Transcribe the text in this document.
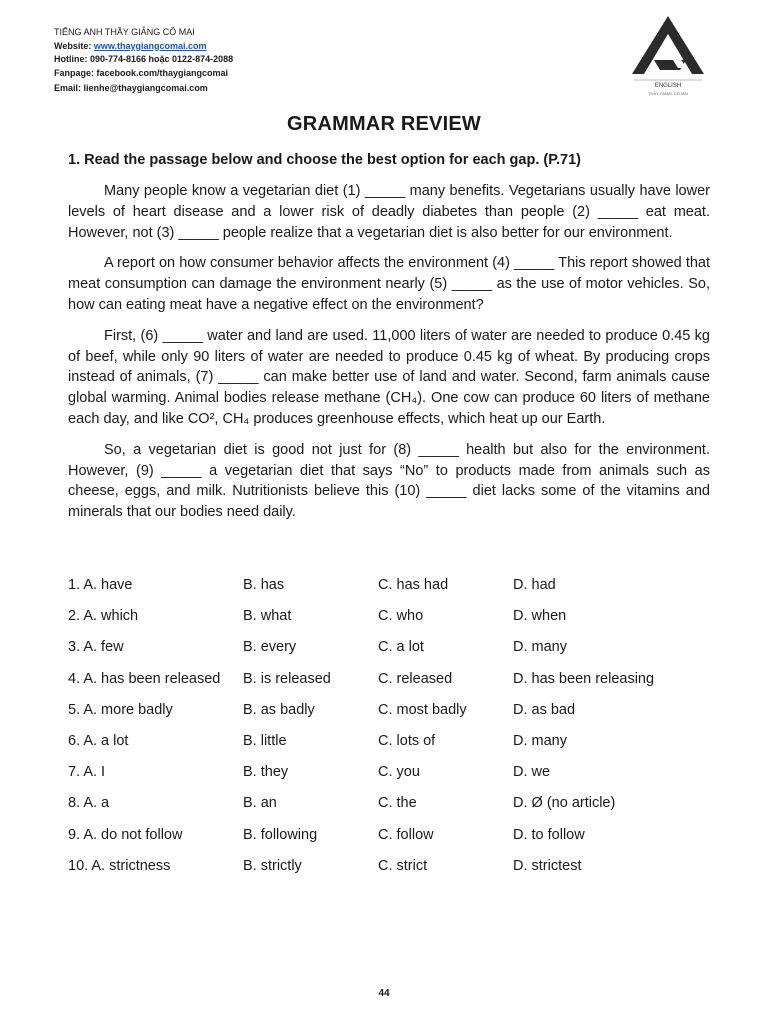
TIẾNG ANH THẦY GIẢNG CÔ MAI
Website: www.thaygiangcomai.com
Hotline: 090-774-8166 hoặc 0122-874-2088
Fanpage: facebook.com/thaygiangcomai
Email: lienhe@thaygiangcomai.com	ENGLISH
THẦY GIẢNG CÔ MAI
GRAMMAR REVIEW
1. Read the passage below and choose the best option for each gap. (P.71)

Many people know a vegetarian diet (1) _____ many benefits. Vegetarians usually have lower levels of heart disease and a lower risk of deadly diabetes than people (2) _____ eat meat. However, not (3) _____ people realize that a vegetarian diet is also better for our environment.

A report on how consumer behavior affects the environment (4) _____ This report showed that meat consumption can damage the environment nearly (5) _____ as the use of motor vehicles. So, how can eating meat have a negative effect on the environment?

First, (6) _____ water and land are used. 11,000 liters of water are needed to produce 0.45 kg of beef, while only 90 liters of water are needed to produce 0.45 kg of wheat. By producing crops instead of animals, (7) _____ can make better use of land and water. Second, farm animals cause global warming. Animal bodies release methane (CH₄). One cow can produce 60 liters of methane each day, and like CO², CH₄ produces greenhouse effects, which heat up our Earth.

So, a vegetarian diet is good not just for (8) _____ health but also for the environment. However, (9) _____ a vegetarian diet that says “No” to products made from animals such as cheese, eggs, and milk. Nutritionists believe this (10) _____ diet lacks some of the vitamins and minerals that our bodies need daily.

1. A. have	B. has	C. has had	D. had
2. A. which	B. what	C. who	D. when
3. A. few	B. every	C. a lot	D. many
4. A. has been released B. is released	C. released	D. has been releasing
5. A. more badly	B. as badly	C. most badly	D. as bad
6. A. a lot	B. little	C. lots of	D. many
7. A. I	B. they	C. you	D. we
8. A. a	B. an	C. the	D. Ø (no article)
9. A. do not follow	B. following	C. follow	D. to follow
10. A. strictness	B. strictly	C. strict	D. strictest
44
